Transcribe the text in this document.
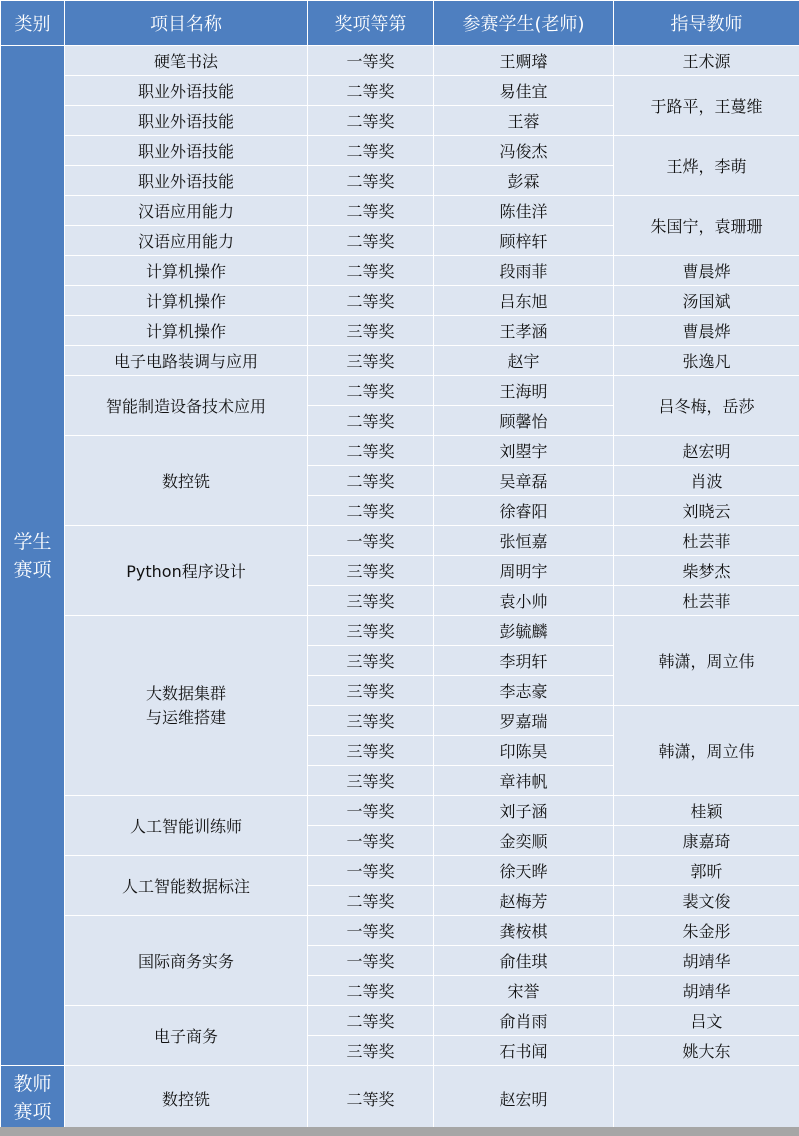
类别	项目名称	奖项等第	参赛学生(老师)	指导教师
学生
赛项	硬笔书法	一等奖	王赒璿	王术源
	职业外语技能	二等奖	易佳宜	于路平，王蔓维
	职业外语技能	二等奖	王蓉	
	职业外语技能	二等奖	冯俊杰	王烨，李萌
	职业外语技能	二等奖	彭霖	
	汉语应用能力	二等奖	陈佳洋	朱国宁，袁珊珊
	汉语应用能力	二等奖	顾梓轩	
	计算机操作	二等奖	段雨菲	曹晨烨
	计算机操作	二等奖	吕东旭	汤国斌
	计算机操作	三等奖	王孝涵	曹晨烨
	电子电路装调与应用	三等奖	赵宇	张逸凡
	智能制造设备技术应用	二等奖	王海明	吕冬梅，岳莎
		二等奖	顾馨怡	
	数控铣	二等奖	刘曌宇	赵宏明
		二等奖	吴章磊	肖波
		二等奖	徐睿阳	刘晓云
	Python程序设计	一等奖	张恒嘉	杜芸菲
		三等奖	周明宇	柴梦杰
		三等奖	袁小帅	杜芸菲
	大数据集群
与运维搭建	三等奖	彭毓麟	韩潇，周立伟
		三等奖	李玥轩	
		三等奖	李志豪	
		三等奖	罗嘉瑞	韩潇，周立伟
		三等奖	印陈昊	
		三等奖	章祎帆	
	人工智能训练师	一等奖	刘子涵	桂颖
		一等奖	金奕顺	康嘉琦
	人工智能数据标注	一等奖	徐天晔	郭昕
		二等奖	赵梅芳	裴文俊
	国际商务实务	一等奖	龚桉棋	朱金彤
		一等奖	俞佳琪	胡靖华
		二等奖	宋誉	胡靖华
	电子商务	二等奖	俞肖雨	吕文
		三等奖	石书闻	姚大东
教师
赛项	数控铣	二等奖	赵宏明	
